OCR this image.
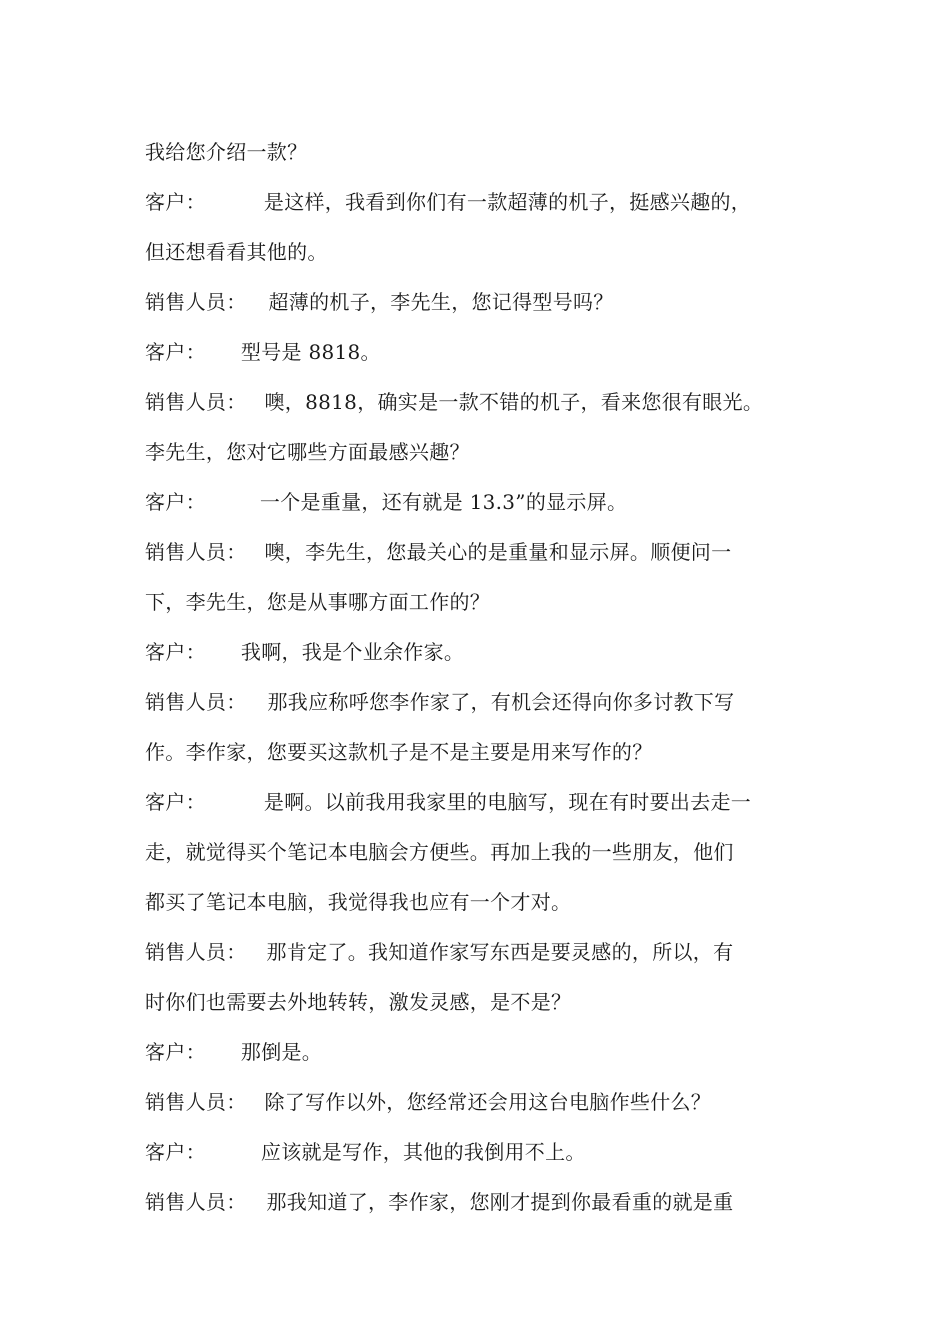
我给您介绍一款？
客户：	是这样，我看到你们有一款超薄的机子，挺感兴趣的，
但还想看看其他的。
销售人员： 超薄的机子，李先生，您记得型号吗？
客户： 型号是 8818。
销售人员： 噢，8818，确实是一款不错的机子，看来您很有眼光。
李先生，您对它哪些方面最感兴趣？
客户：	一个是重量，还有就是 13.3”的显示屏。
销售人员： 噢，李先生，您最关心的是重量和显示屏。顺便问一
下，李先生，您是从事哪方面工作的？
客户： 我啊，我是个业余作家。
销售人员： 那我应称呼您李作家了，有机会还得向你多讨教下写
作。李作家，您要买这款机子是不是主要是用来写作的？
客户：	是啊。以前我用我家里的电脑写，现在有时要出去走一
走，就觉得买个笔记本电脑会方便些。再加上我的一些朋友，他们
都买了笔记本电脑，我觉得我也应有一个才对。
销售人员： 那肯定了。我知道作家写东西是要灵感的，所以，有
时你们也需要去外地转转，激发灵感，是不是？
客户： 那倒是。
销售人员： 除了写作以外，您经常还会用这台电脑作些什么？
客户：	应该就是写作，其他的我倒用不上。
销售人员： 那我知道了，李作家，您刚才提到你最看重的就是重
